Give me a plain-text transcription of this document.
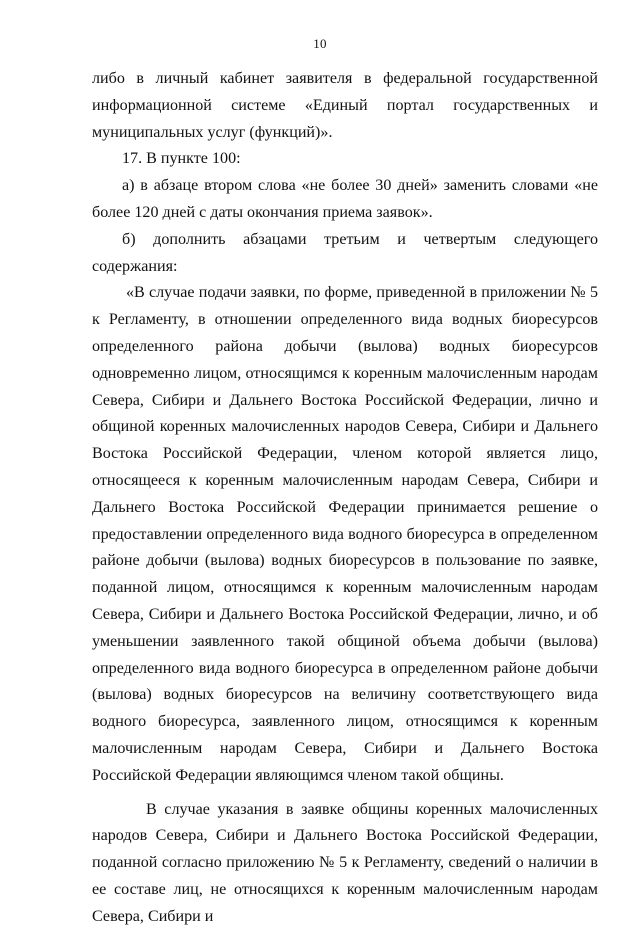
10

либо в личный кабинет заявителя в федеральной государственной информационной системе «Единый портал государственных и муниципальных услуг (функций)».

17. В пункте 100:

а) в абзаце втором слова «не более 30 дней» заменить словами «не более 120 дней с даты окончания приема заявок».

б) дополнить абзацами третьим и четвертым следующего содержания:

«В случае подачи заявки, по форме, приведенной в приложении № 5 к Регламенту, в отношении определенного вида водных биоресурсов определенного района добычи (вылова) водных биоресурсов одновременно лицом, относящимся к коренным малочисленным народам Севера, Сибири и Дальнего Востока Российской Федерации, лично и общиной коренных малочисленных народов Севера, Сибири и Дальнего Востока Российской Федерации, членом которой является лицо, относящееся к коренным малочисленным народам Севера, Сибири и Дальнего Востока Российской Федерации принимается решение о предоставлении определенного вида водного биоресурса в определенном районе добычи (вылова) водных биоресурсов в пользование по заявке, поданной лицом, относящимся к коренным малочисленным народам Севера, Сибири и Дальнего Востока Российской Федерации, лично, и об уменьшении заявленного такой общиной объема добычи (вылова) определенного вида водного биоресурса в определенном районе добычи (вылова) водных биоресурсов на величину соответствующего вида водного биоресурса, заявленного лицом, относящимся к коренным малочисленным народам Севера, Сибири и Дальнего Востока Российской Федерации являющимся членом такой общины.

В случае указания в заявке общины коренных малочисленных народов Севера, Сибири и Дальнего Востока Российской Федерации, поданной согласно приложению № 5 к Регламенту, сведений о наличии в ее составе лиц, не относящихся к коренным малочисленным народам Севера, Сибири и
